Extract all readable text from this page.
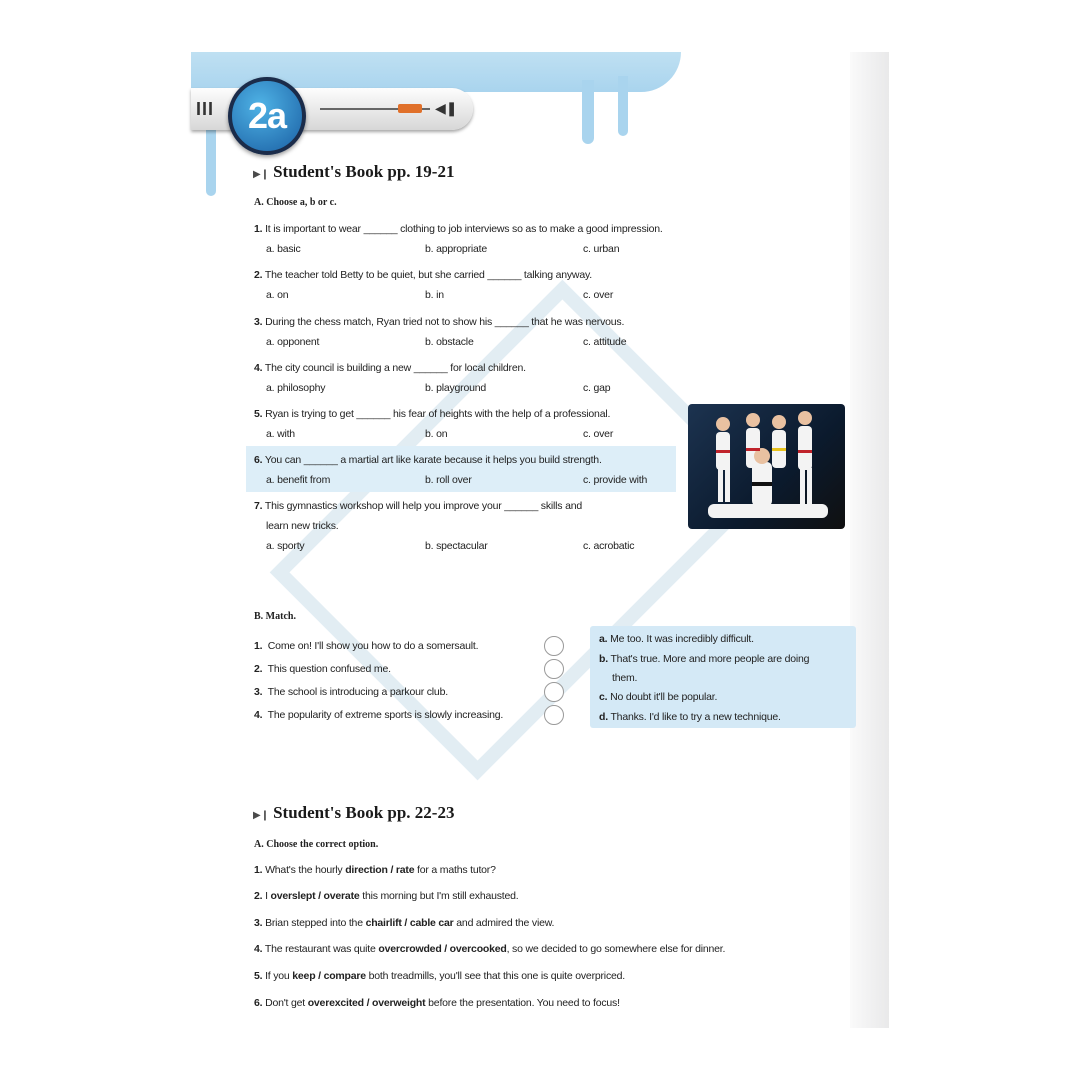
III 2a	◀❚
▶❙ Student's Book pp. 19-21
A. Choose a, b or c.
1. It is important to wear ______ clothing to job interviews so as to make a good impression.
a. basic	b. appropriate	c. urban
2. The teacher told Betty to be quiet, but she carried ______ talking anyway.
a. on	b. in	c. over
3. During the chess match, Ryan tried not to show his ______ that he was nervous.
a. opponent	b. obstacle	c. attitude
4. The city council is building a new ______ for local children.
a. philosophy	b. playground	c. gap
5. Ryan is trying to get ______ his fear of heights with the help of a professional.
a. with	b. on	c. over
6. You can ______ a martial art like karate because it helps you build strength.
a. benefit from	b. roll over	c. provide with
7. This gymnastics workshop will help you improve your ______ skills and
learn new tricks.
a. sporty	b. spectacular	c. acrobatic
B. Match.
1. Come on! I'll show you how to do a somersault.
2. This question confused me.
3. The school is introducing a parkour club.
4. The popularity of extreme sports is slowly increasing.
a. Me too. It was incredibly difficult.
b. That's true. More and more people are doing
them.
c. No doubt it'll be popular.
d. Thanks. I'd like to try a new technique.
▶❙ Student's Book pp. 22-23
A. Choose the correct option.
1. What's the hourly direction / rate for a maths tutor?
2. I overslept / overate this morning but I'm still exhausted.
3. Brian stepped into the chairlift / cable car and admired the view.
4. The restaurant was quite overcrowded / overcooked, so we decided to go somewhere else for dinner.
5. If you keep / compare both treadmills, you'll see that this one is quite overpriced.
6. Don't get overexcited / overweight before the presentation. You need to focus!
